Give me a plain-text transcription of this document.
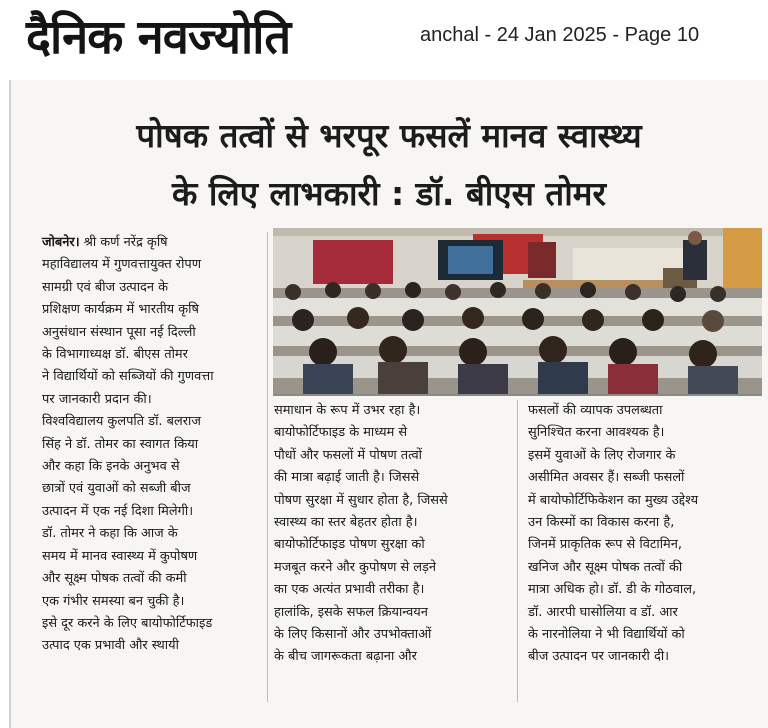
दैनिक नवज्योति	anchal - 24 Jan 2025 - Page 10
पोषक तत्वों से भरपूर फसलें मानव स्वास्थ्य
के लिए लाभकारी : डॉ. बीएस तोमर

जोबनेर। श्री कर्ण नरेंद्र कृषि

महाविद्यालय में गुणवत्तायुक्त रोपण

सामग्री एवं बीज उत्पादन के

प्रशिक्षण कार्यक्रम में भारतीय कृषि

अनुसंधान संस्थान पूसा नई दिल्ली

के विभागाध्यक्ष डॉ. बीएस तोमर

ने विद्यार्थियों को सब्जियों की गुणवत्ता

पर जानकारी प्रदान की।

विश्वविद्यालय कुलपति डॉ. बलराज

सिंह ने डॉ. तोमर का स्वागत किया

और कहा कि इनके अनुभव से

छात्रों एवं युवाओं को सब्जी बीज

उत्पादन में एक नई दिशा मिलेगी।

डॉ. तोमर ने कहा कि आज के

समय में मानव स्वास्थ्य में कुपोषण

और सूक्ष्म पोषक तत्वों की कमी

एक गंभीर समस्या बन चुकी है।

इसे दूर करने के लिए बायोफोर्टिफाइड

उत्पाद एक प्रभावी और स्थायी

समाधान के रूप में उभर रहा है।

बायोफोर्टिफाइड के माध्यम से

पौधों और फसलों में पोषण तत्वों

की मात्रा बढ़ाई जाती है। जिससे

पोषण सुरक्षा में सुधार होता है, जिससे

स्वास्थ्य का स्तर बेहतर होता है।

बायोफोर्टिफाइड पोषण सुरक्षा को

मजबूत करने और कुपोषण से लड़ने

का एक अत्यंत प्रभावी तरीका है।

हालांकि, इसके सफल क्रियान्वयन

के लिए किसानों और उपभोक्ताओं

के बीच जागरूकता बढ़ाना और

फसलों की व्यापक उपलब्धता

सुनिश्चित करना आवश्यक है।

इसमें युवाओं के लिए रोजगार के

असीमित अवसर हैं। सब्जी फसलों

में बायोफोर्टिफिकेशन का मुख्य उद्देश्य

उन किस्मों का विकास करना है,

जिनमें प्राकृतिक रूप से विटामिन,

खनिज और सूक्ष्म पोषक तत्वों की

मात्रा अधिक हो। डॉ. डी के गोठवाल,

डॉ. आरपी घासोलिया व डॉ. आर

के नारनोलिया ने भी विद्यार्थियों को

बीज उत्पादन पर जानकारी दी।
